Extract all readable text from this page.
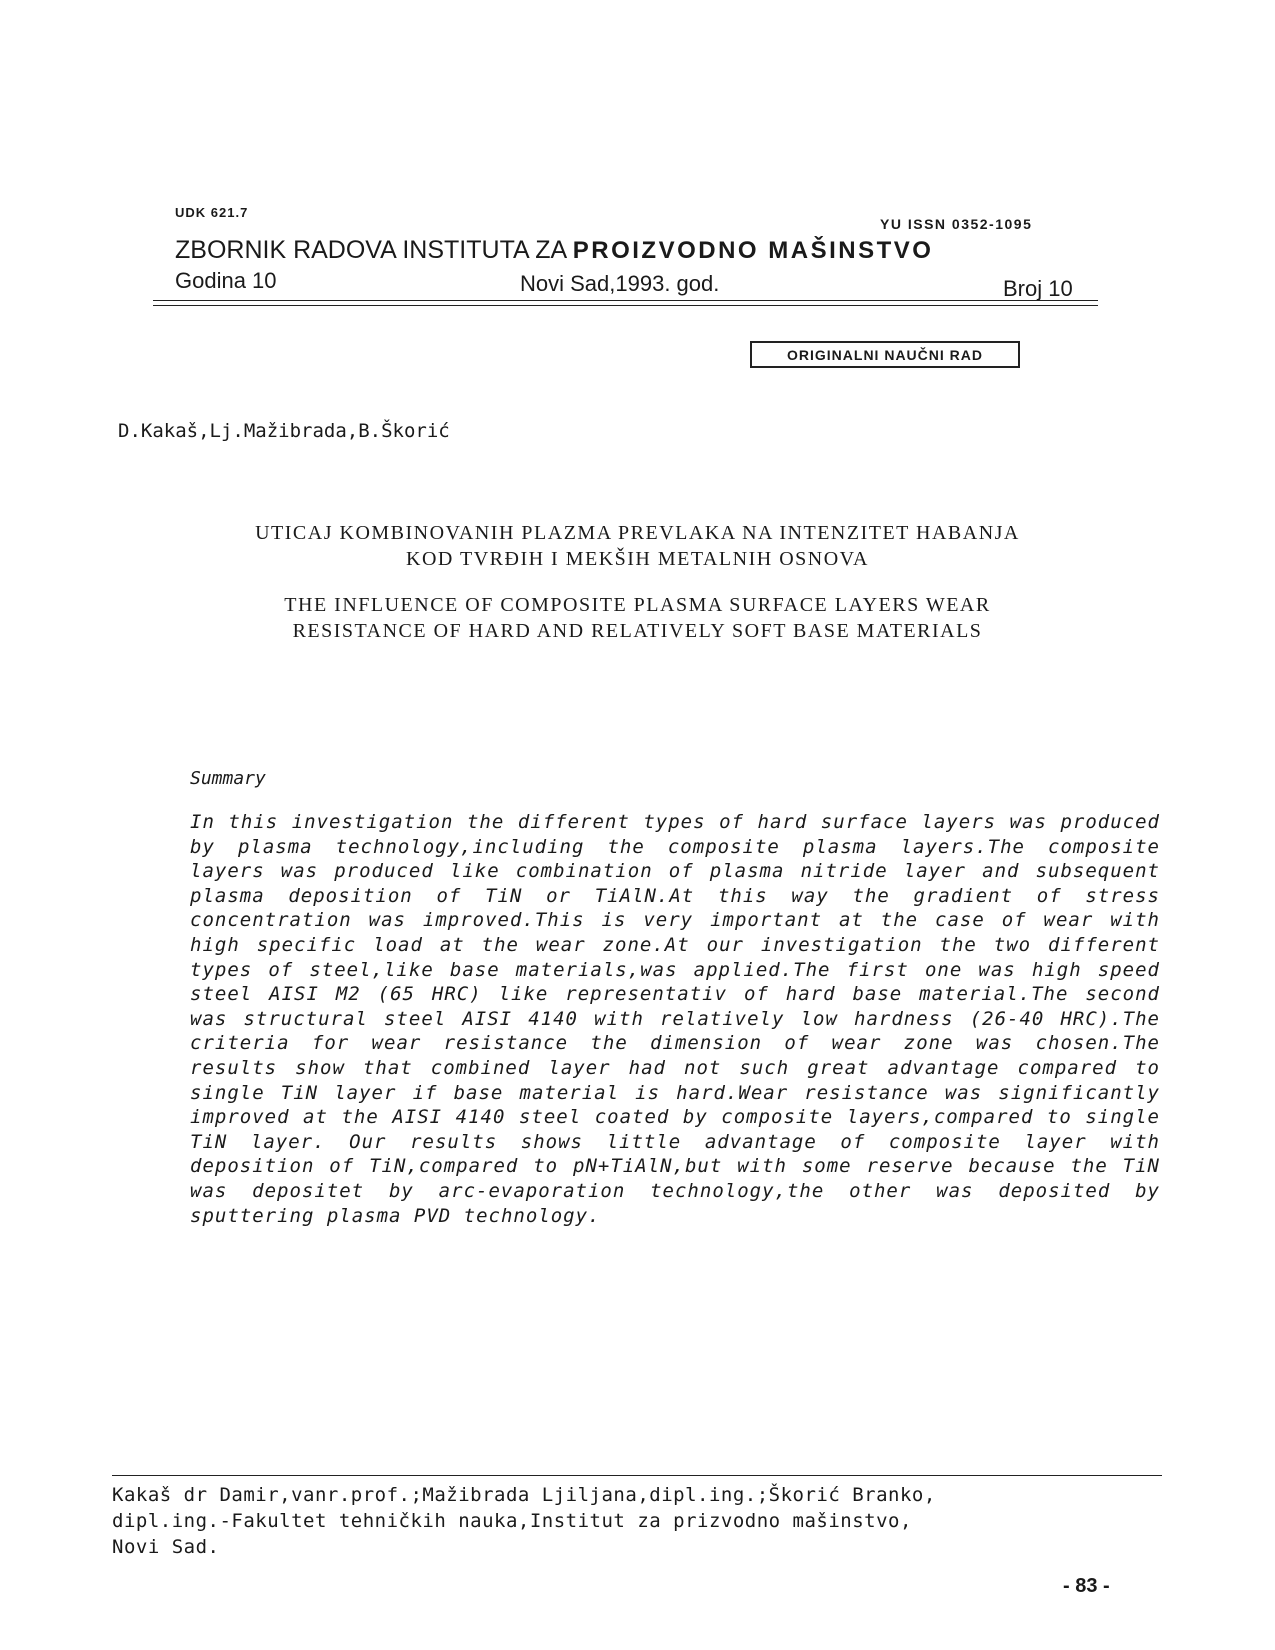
UDK 621.7
YU ISSN 0352-1095
ZBORNIK RADOVA INSTITUTA ZA PROIZVODNO MAŠINSTVO
Godina 10	Novi Sad,1993. god.	Broj 10
ORIGINALNI NAUČNI RAD
D.Kakaš,Lj.Mažibrada,B.Škorić
UTICAJ KOMBINOVANIH PLAZMA PREVLAKA NA INTENZITET HABANJA
KOD TVRĐIH I MEKŠIH METALNIH OSNOVA
THE INFLUENCE OF COMPOSITE PLASMA SURFACE LAYERS WEAR
RESISTANCE OF HARD AND RELATIVELY SOFT BASE MATERIALS
Summary
In this investigation the different types of hard surface layers was produced by plasma technology,including the composite plasma layers.The composite layers was produced like combination of plasma nitride layer and subsequent plasma deposition of TiN or TiAlN.At this way the gradient of stress concentration was improved.This is very important at the case of wear with high specific load at the wear zone.At our investigation the two different types of steel,like base materials,was applied.The first one was high speed steel AISI M2 (65 HRC) like representativ of hard base material.The second was structural steel AISI 4140 with relatively low hardness (26-40 HRC).The criteria for wear resistance the dimension of wear zone was chosen.The results show that combined layer had not such great advantage compared to single TiN layer if base material is hard.Wear resistance was significantly improved at the AISI 4140 steel coated by composite layers,compared to single TiN layer. Our results shows little advantage of composite layer with deposition of TiN,compared to pN+TiAlN,but with some reserve because the TiN was depositet by arc-evaporation technology,the other was deposited by sputtering plasma PVD technology.
Kakaš dr Damir,vanr.prof.;Mažibrada Ljiljana,dipl.ing.;Škorić Branko,
dipl.ing.-Fakultet tehničkih nauka,Institut za prizvodno mašinstvo,
Novi Sad.
- 83 -
